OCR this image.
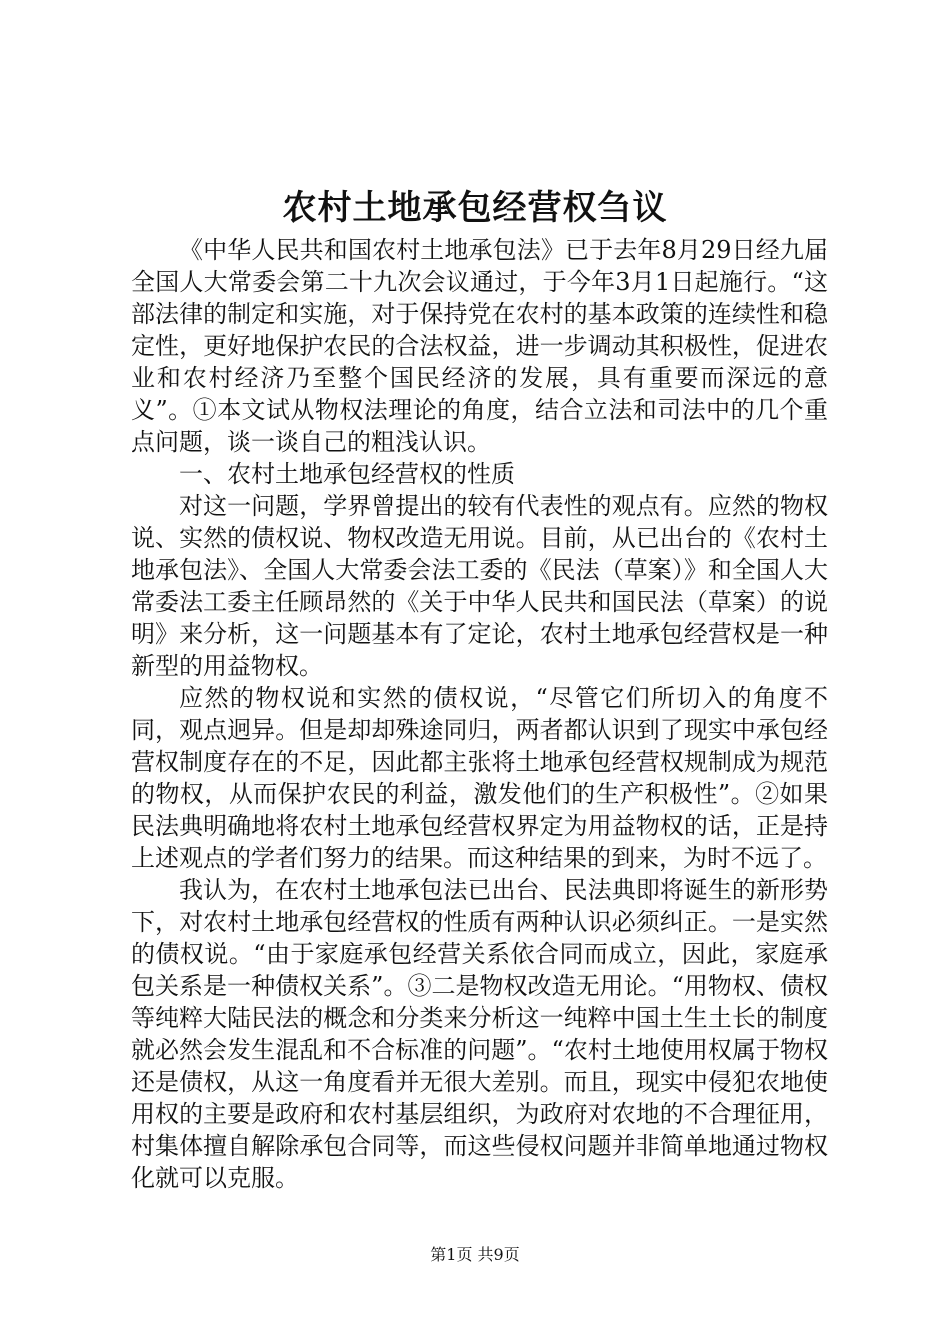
农村土地承包经营权刍议

《中华人民共和国农村土地承包法》已于去年8月29日经九届全国人大常委会第二十九次会议通过，于今年3月1日起施行。“这部法律的制定和实施，对于保持党在农村的基本政策的连续性和稳定性，更好地保护农民的合法权益，进一步调动其积极性，促进农业和农村经济乃至整个国民经济的发展，具有重要而深远的意义”。①本文试从物权法理论的角度，结合立法和司法中的几个重点问题，谈一谈自己的粗浅认识。

一、农村土地承包经营权的性质

对这一问题，学界曾提出的较有代表性的观点有。应然的物权说、实然的债权说、物权改造无用说。目前，从已出台的《农村土地承包法》、全国人大常委会法工委的《民法（草案）》和全国人大常委法工委主任顾昂然的《关于中华人民共和国民法（草案）的说明》来分析，这一问题基本有了定论，农村土地承包经营权是一种新型的用益物权。

应然的物权说和实然的债权说，“尽管它们所切入的角度不同，观点迥异。但是却却殊途同归，两者都认识到了现实中承包经营权制度存在的不足，因此都主张将土地承包经营权规制成为规范的物权，从而保护农民的利益，激发他们的生产积极性”。②如果民法典明确地将农村土地承包经营权界定为用益物权的话，正是持上述观点的学者们努力的结果。而这种结果的到来，为时不远了。

我认为，在农村土地承包法已出台、民法典即将诞生的新形势下，对农村土地承包经营权的性质有两种认识必须纠正。一是实然的债权说。“由于家庭承包经营关系依合同而成立，因此，家庭承包关系是一种债权关系”。③二是物权改造无用论。“用物权、债权等纯粹大陆民法的概念和分类来分析这一纯粹中国土生土长的制度就必然会发生混乱和不合标准的问题”。“农村土地使用权属于物权还是债权，从这一角度看并无很大差别。而且，现实中侵犯农地使用权的主要是政府和农村基层组织，为政府对农地的不合理征用，村集体擅自解除承包合同等，而这些侵权问题并非简单地通过物权化就可以克服。

第1页 共9页
